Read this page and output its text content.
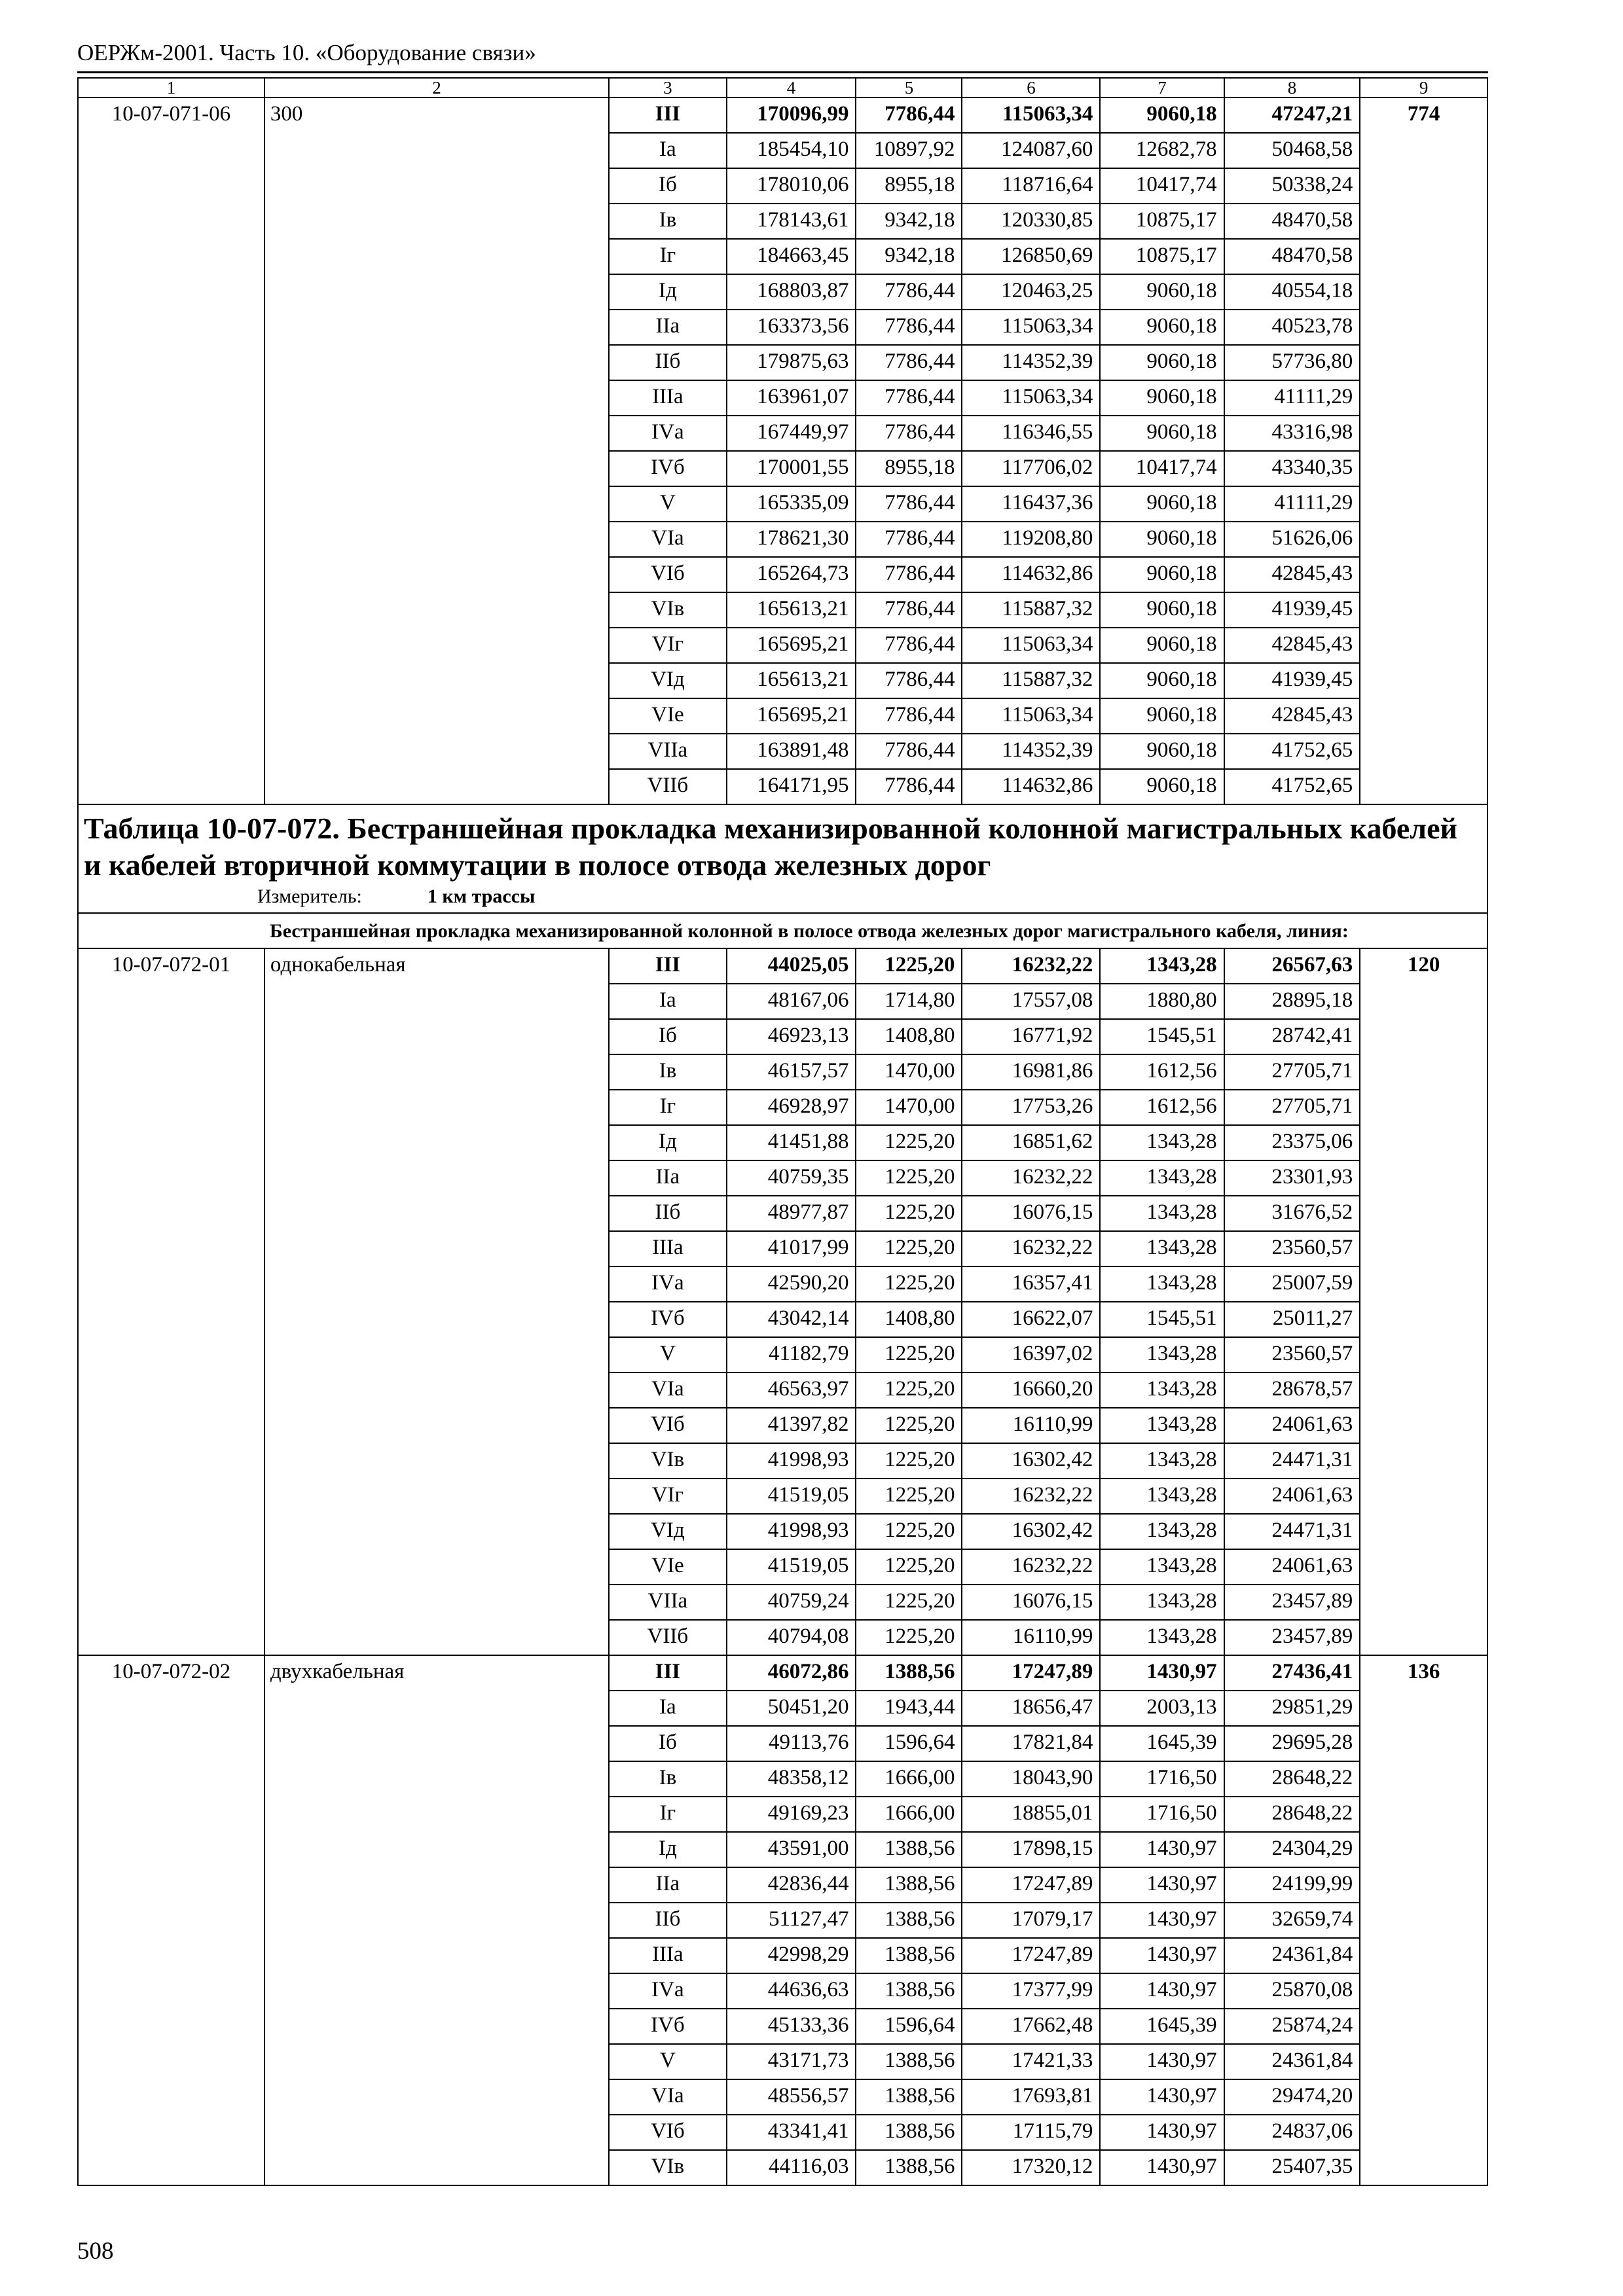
ОЕРЖм-2001. Часть 10. «Оборудование связи»
1	2	3	4	5	6	7	8	9
10-07-071-06	300	III	170096,99	7786,44	115063,34	9060,18	47247,21	774
		Iа	185454,10	10897,92	124087,60	12682,78	50468,58	
		Iб	178010,06	8955,18	118716,64	10417,74	50338,24	
		Iв	178143,61	9342,18	120330,85	10875,17	48470,58	
		Iг	184663,45	9342,18	126850,69	10875,17	48470,58	
		Iд	168803,87	7786,44	120463,25	9060,18	40554,18	
		IIа	163373,56	7786,44	115063,34	9060,18	40523,78	
		IIб	179875,63	7786,44	114352,39	9060,18	57736,80	
		IIIа	163961,07	7786,44	115063,34	9060,18	41111,29	
		IVа	167449,97	7786,44	116346,55	9060,18	43316,98	
		IVб	170001,55	8955,18	117706,02	10417,74	43340,35	
		V	165335,09	7786,44	116437,36	9060,18	41111,29	
		VIа	178621,30	7786,44	119208,80	9060,18	51626,06	
		VIб	165264,73	7786,44	114632,86	9060,18	42845,43	
		VIв	165613,21	7786,44	115887,32	9060,18	41939,45	
		VIг	165695,21	7786,44	115063,34	9060,18	42845,43	
		VIд	165613,21	7786,44	115887,32	9060,18	41939,45	
		VIе	165695,21	7786,44	115063,34	9060,18	42845,43	
		VIIа	163891,48	7786,44	114352,39	9060,18	41752,65	
		VIIб	164171,95	7786,44	114632,86	9060,18	41752,65	
Таблица 10-07-072. Бестраншейная прокладка механизированной колонной магистральных кабелей и кабелей вторичной коммутации в полосе отвода железных дорог
Измеритель: 1 км трассы								

	Бестраншейная прокладка механизированной колонной в полосе отвода железных дорог магистрального кабеля, линия:							
10-07-072-01	однокабельная	III	44025,05	1225,20	16232,22	1343,28	26567,63	120
		Iа	48167,06	1714,80	17557,08	1880,80	28895,18	
		Iб	46923,13	1408,80	16771,92	1545,51	28742,41	
		Iв	46157,57	1470,00	16981,86	1612,56	27705,71	
		Iг	46928,97	1470,00	17753,26	1612,56	27705,71	
		Iд	41451,88	1225,20	16851,62	1343,28	23375,06	
		IIа	40759,35	1225,20	16232,22	1343,28	23301,93	
		IIб	48977,87	1225,20	16076,15	1343,28	31676,52	
		IIIа	41017,99	1225,20	16232,22	1343,28	23560,57	
		IVа	42590,20	1225,20	16357,41	1343,28	25007,59	
		IVб	43042,14	1408,80	16622,07	1545,51	25011,27	
		V	41182,79	1225,20	16397,02	1343,28	23560,57	
		VIа	46563,97	1225,20	16660,20	1343,28	28678,57	
		VIб	41397,82	1225,20	16110,99	1343,28	24061,63	
		VIв	41998,93	1225,20	16302,42	1343,28	24471,31	
		VIг	41519,05	1225,20	16232,22	1343,28	24061,63	
		VIд	41998,93	1225,20	16302,42	1343,28	24471,31	
		VIе	41519,05	1225,20	16232,22	1343,28	24061,63	
		VIIа	40759,24	1225,20	16076,15	1343,28	23457,89	
		VIIб	40794,08	1225,20	16110,99	1343,28	23457,89	
10-07-072-02	двухкабельная	III	46072,86	1388,56	17247,89	1430,97	27436,41	136
		Iа	50451,20	1943,44	18656,47	2003,13	29851,29	
		Iб	49113,76	1596,64	17821,84	1645,39	29695,28	
		Iв	48358,12	1666,00	18043,90	1716,50	28648,22	
		Iг	49169,23	1666,00	18855,01	1716,50	28648,22	
		Iд	43591,00	1388,56	17898,15	1430,97	24304,29	
		IIа	42836,44	1388,56	17247,89	1430,97	24199,99	
		IIб	51127,47	1388,56	17079,17	1430,97	32659,74	
		IIIа	42998,29	1388,56	17247,89	1430,97	24361,84	
		IVа	44636,63	1388,56	17377,99	1430,97	25870,08	
		IVб	45133,36	1596,64	17662,48	1645,39	25874,24	
		V	43171,73	1388,56	17421,33	1430,97	24361,84	
		VIа	48556,57	1388,56	17693,81	1430,97	29474,20	
		VIб	43341,41	1388,56	17115,79	1430,97	24837,06	
		VIв	44116,03	1388,56	17320,12	1430,97	25407,35	
508
